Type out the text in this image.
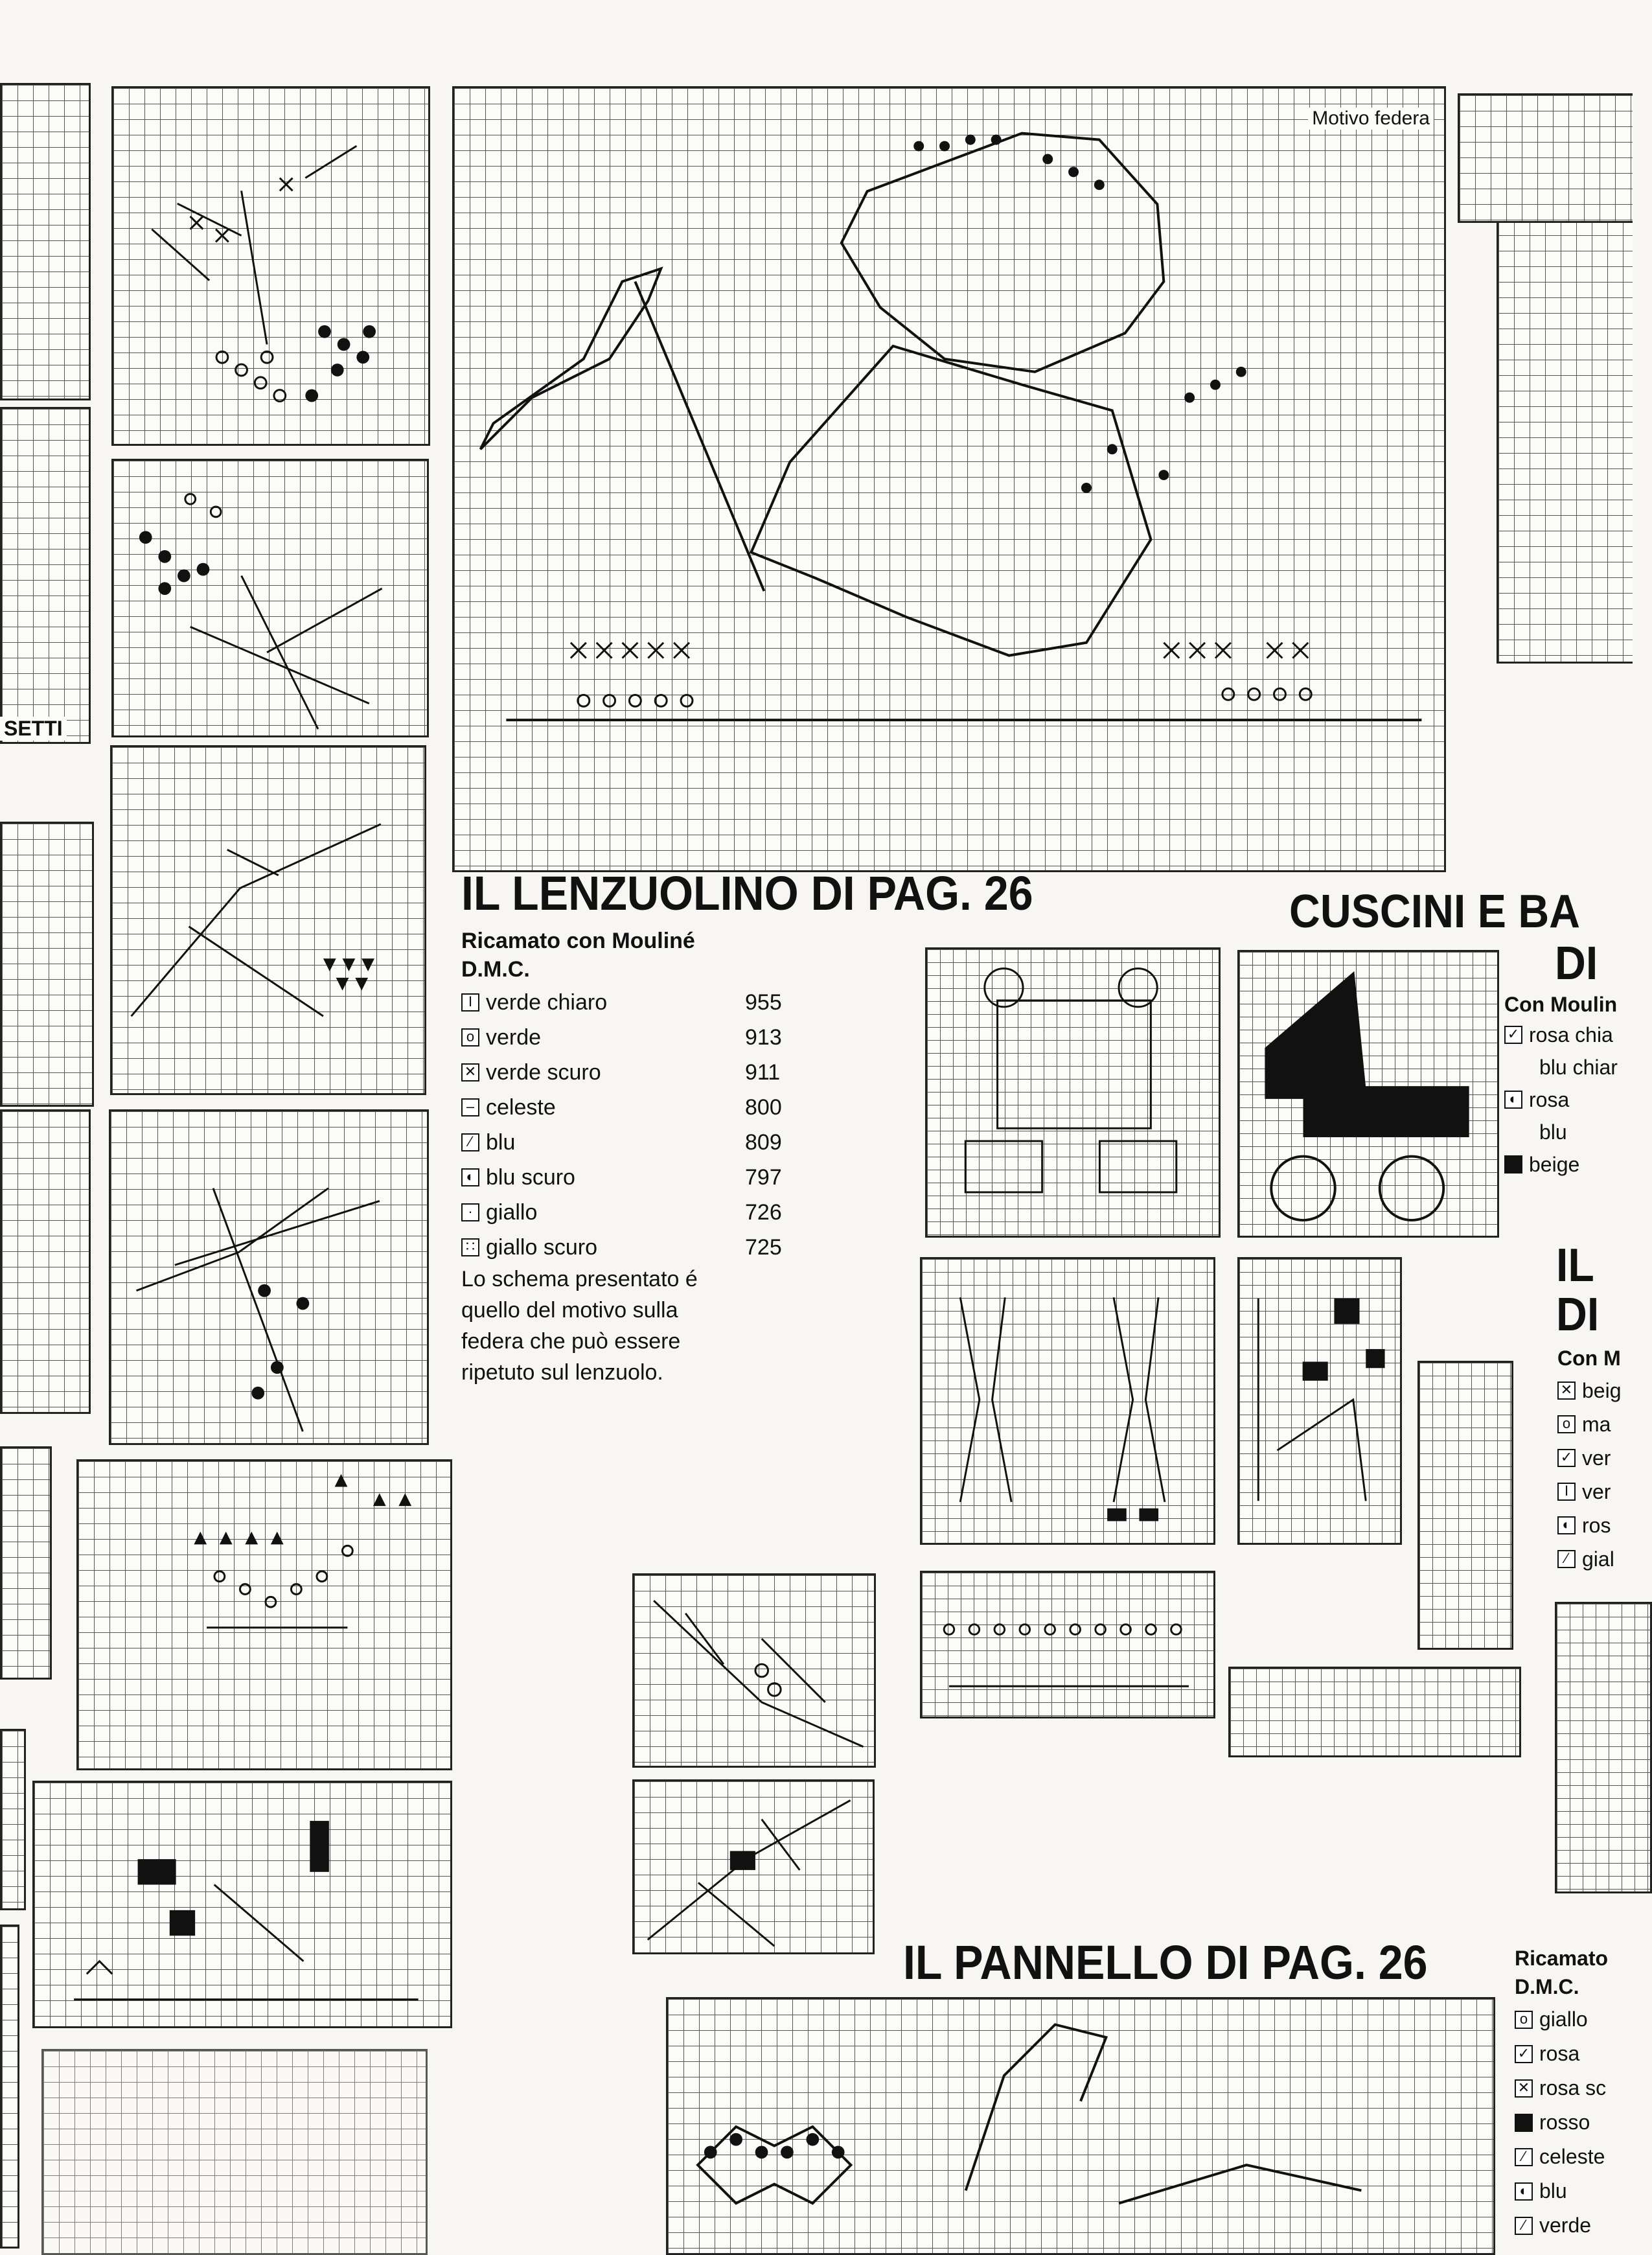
SETTI
Motivo federa
IL LENZUOLINO DI PAG. 26
Ricamato con Mouliné
D.M.C.
I verde chiaro	955
o verde	913
✕ verde scuro	911
– celeste	800
⁄ blu	809
◐ blu scuro	797
· giallo	726
∷ giallo scuro	725

Lo schema presentato é quello del motivo sulla federa che può essere ripetuto sul lenzuolo.

CUSCINI E BA
DI
Con Moulin
✓ rosa chia
blu chiar
◐ rosa
blu
beige
IL
DI
Con M
✕ beig
o ma
✓ ver
I ver
◐ ros
⁄ gial
IL PANNELLO DI PAG. 26	Ricamato
D.M.C.
o giallo
✓ rosa
✕ rosa sc
rosso
⁄ celeste
◐ blu
⁄ verde
